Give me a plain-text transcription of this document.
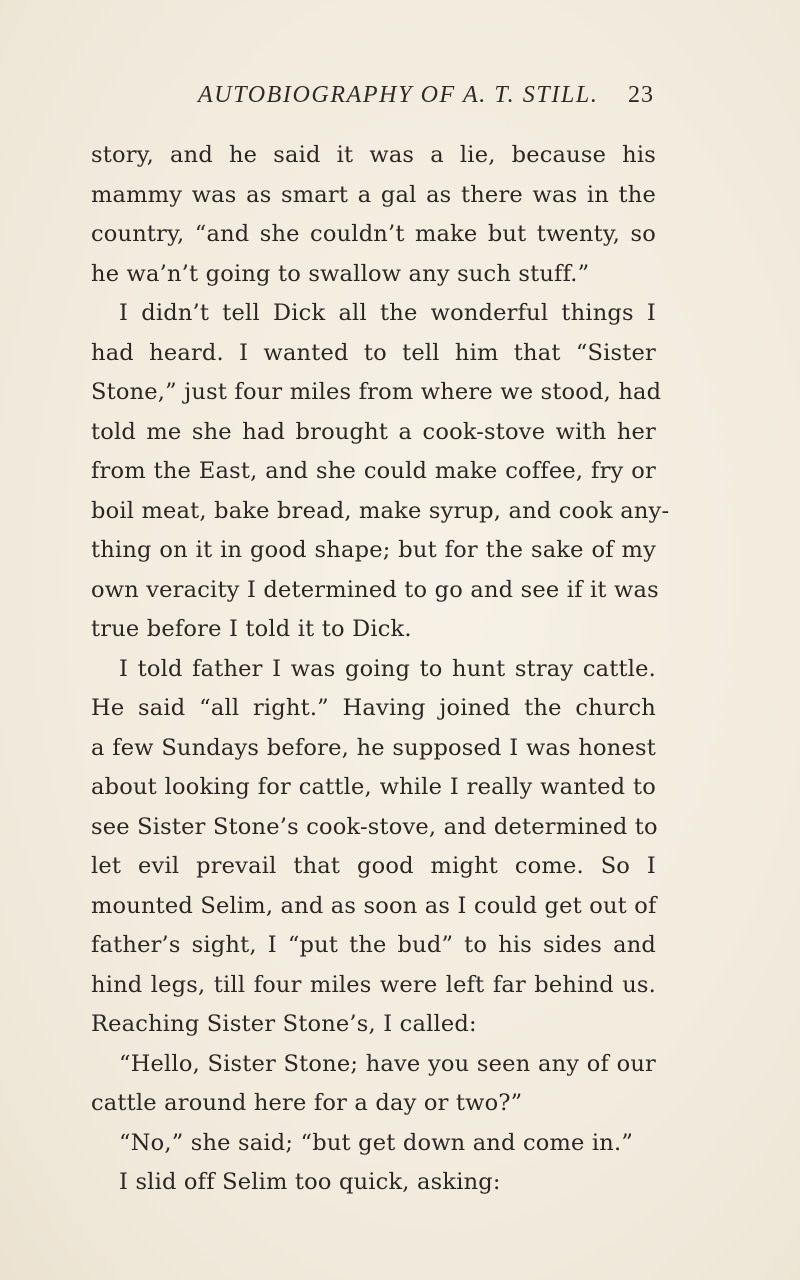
AUTOBIOGRAPHY OF A. T. STILL. 23
story, and he said it was a lie, because his
mammy was as smart a gal as there was in the
country, “and she couldn’t make but twenty, so
he wa’n’t going to swallow any such stuff.”
I didn’t tell Dick all the wonderful things I
had heard. I wanted to tell him that “Sister
Stone,” just four miles from where we stood, had
told me she had brought a cook-stove with her
from the East, and she could make coffee, fry or
boil meat, bake bread, make syrup, and cook any-
thing on it in good shape; but for the sake of my
own veracity I determined to go and see if it was
true before I told it to Dick.
I told father I was going to hunt stray cattle.
He said “all right.” Having joined the church
a few Sundays before, he supposed I was honest
about looking for cattle, while I really wanted to
see Sister Stone’s cook-stove, and determined to
let evil prevail that good might come. So I
mounted Selim, and as soon as I could get out of
father’s sight, I “put the bud” to his sides and
hind legs, till four miles were left far behind us.
Reaching Sister Stone’s, I called:
“Hello, Sister Stone; have you seen any of our
cattle around here for a day or two?”
“No,” she said; “but get down and come in.”
I slid off Selim too quick, asking:
